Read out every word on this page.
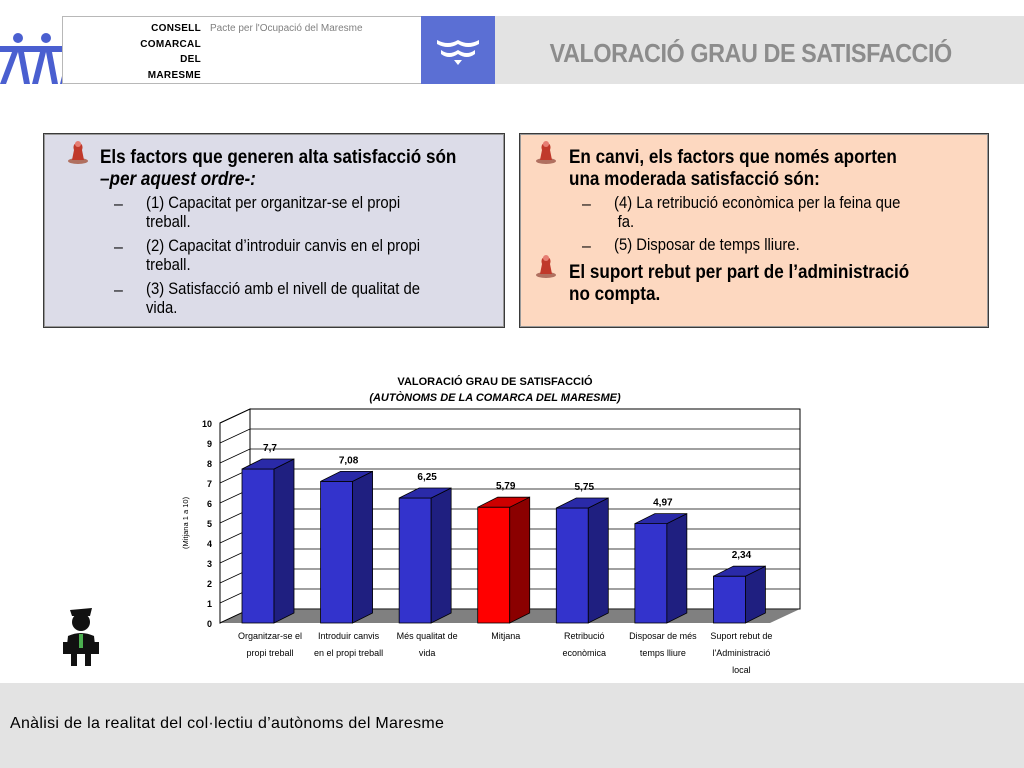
CONSELL
COMARCAL
DEL
MARESME
Pacte per l'Ocupació del Maresme
VALORACIÓ GRAU DE SATISFACCIÓ
Els factors que generen alta satisfacció són
–per aquest ordre-:
– (1) Capacitat per organitzar-se el propi
treball.
– (2) Capacitat d’introduir canvis en el propi
treball.
– (3) Satisfacció amb el nivell de qualitat de
vida.
En canvi, els factors que només aporten
una moderada satisfacció són:
– (4) La retribució econòmica per la feina que
fa.
– (5) Disposar de temps lliure.
El suport rebut per part de l’administració
no compta.
VALORACIÓ GRAU DE SATISFACCIÓ
(AUTÒNOMS DE LA COMARCA DEL MARESME)
0
1
2
3
4
5
6
7
8
9
10
(Mitjana 1 a 10)
7,7
Organitzar-se el
propi treball
7,08
Introduir canvis
en el propi treball
6,25
Més qualitat de
vida
5,79
Mitjana
5,75
Retribució
econòmica
4,97
Disposar de més
temps lliure
2,34
Suport rebut de
l'Administració
local
Anàlisi de la realitat del col·lectiu d’autònoms del Maresme
